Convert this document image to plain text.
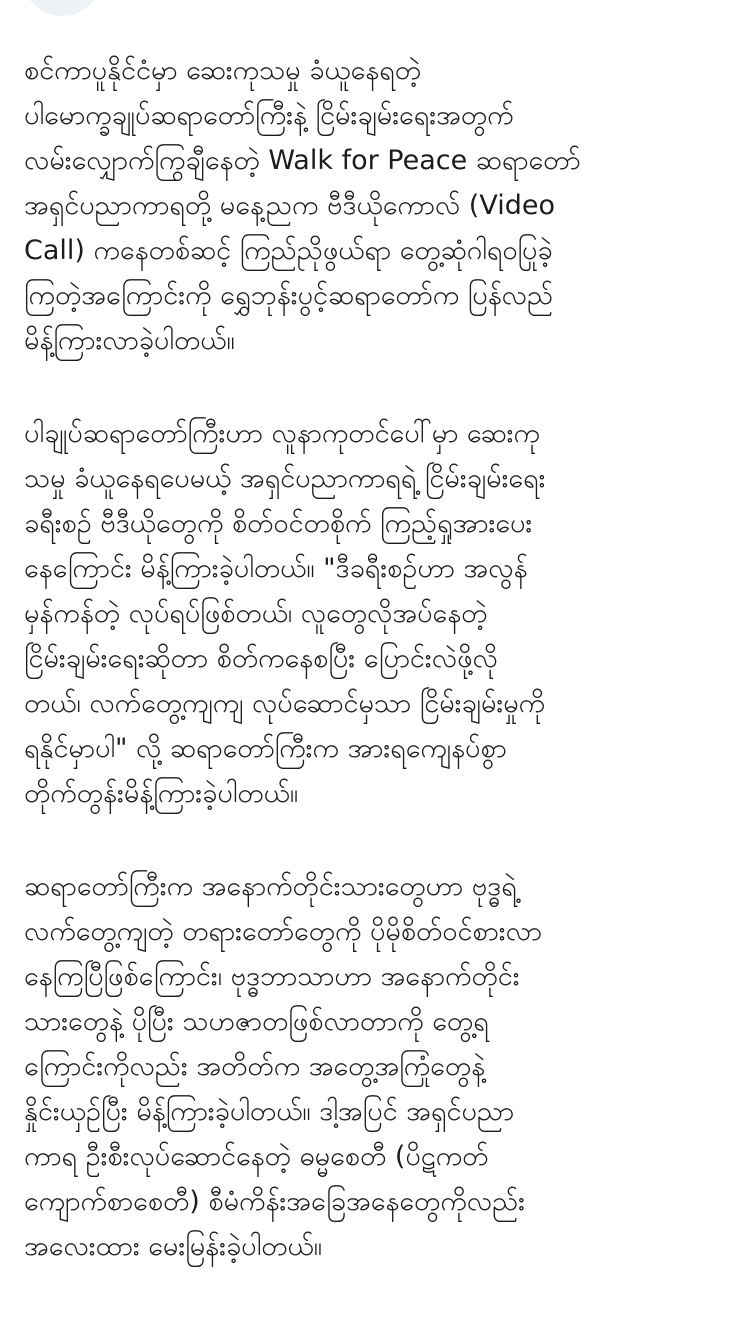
စင်ကာပူနိုင်ငံမှာ ဆေးကုသမှု ခံယူနေရတဲ့
ပါမောက္ခချုပ်ဆရာတော်ကြီးနဲ့ ငြိမ်းချမ်းရေးအတွက်
လမ်းလျှောက်ကြွချီနေတဲ့ Walk for Peace ဆရာတော်
အရှင်ပညာကာရတို့ မနေ့ညက ဗီဒီယိုကောလ် (Video
Call) ကနေတစ်ဆင့် ကြည်ညိုဖွယ်ရာ တွေ့ဆုံဂါရဝပြုခဲ့
ကြတဲ့အကြောင်းကို ရွှေဘုန်းပွင့်ဆရာတော်က ပြန်လည်
မိန့်ကြားလာခဲ့ပါတယ်။

ပါချုပ်ဆရာတော်ကြီးဟာ လူနာကုတင်ပေါ်မှာ ဆေးကု
သမှု ခံယူနေရပေမယ့် အရှင်ပညာကာရရဲ့ ငြိမ်းချမ်းရေး
ခရီးစဉ် ဗီဒီယိုတွေကို စိတ်ဝင်တစိုက် ကြည့်ရှုအားပေး
နေကြောင်း မိန့်ကြားခဲ့ပါတယ်။ "ဒီခရီးစဉ်ဟာ အလွန်
မှန်ကန်တဲ့ လုပ်ရပ်ဖြစ်တယ်၊ လူတွေလိုအပ်နေတဲ့
ငြိမ်းချမ်းရေးဆိုတာ စိတ်ကနေစပြီး ပြောင်းလဲဖို့လို
တယ်၊ လက်တွေ့ကျကျ လုပ်ဆောင်မှသာ ငြိမ်းချမ်းမှုကို
ရနိုင်မှာပါ" လို့ ဆရာတော်ကြီးက အားရကျေနပ်စွာ
တိုက်တွန်းမိန့်ကြားခဲ့ပါတယ်။

ဆရာတော်ကြီးက အနောက်တိုင်းသားတွေဟာ ဗုဒ္ဓရဲ့
လက်တွေ့ကျတဲ့ တရားတော်တွေကို ပိုမိုစိတ်ဝင်စားလာ
နေကြပြီဖြစ်ကြောင်း၊ ဗုဒ္ဓဘာသာဟာ အနောက်တိုင်း
သားတွေနဲ့ ပိုပြီး သဟဇာတဖြစ်လာတာကို တွေ့ရ
ကြောင်းကိုလည်း အတိတ်က အတွေ့အကြုံတွေနဲ့
နှိုင်းယှဉ်ပြီး မိန့်ကြားခဲ့ပါတယ်။ ဒါ့အပြင် အရှင်ပညာ
ကာရ ဦးစီးလုပ်ဆောင်နေတဲ့ ဓမ္မစေတီ (ပိဋကတ်
ကျောက်စာစေတီ) စီမံကိန်းအခြေအနေတွေကိုလည်း
အလေးထား မေးမြန်းခဲ့ပါတယ်။
